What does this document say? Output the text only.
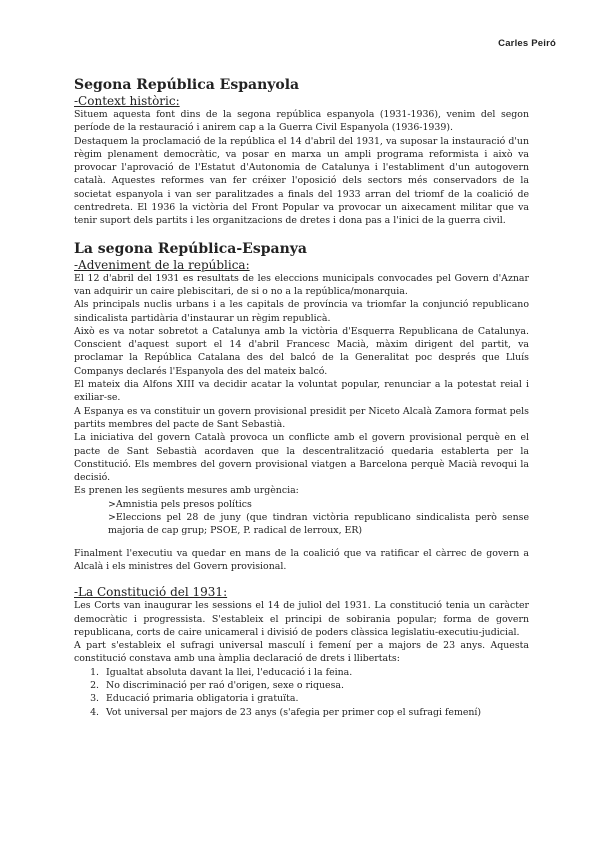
Carles Peiró
Segona República Espanyola
-Context històric:

Situem aquesta font dins de la segona república espanyola (1931-1936), venim del segon període de la restauració i anirem cap a la Guerra Civil Espanyola (1936-1939).

Destaquem la proclamació de la república el 14 d'abril del 1931, va suposar la instauració d'un règim plenament democràtic, va posar en marxa un ampli programa reformista i això va provocar l'aprovació de l'Estatut d'Autonomia de Catalunya i l'establiment d'un autogovern català. Aquestes reformes van fer créixer l'oposició dels sectors més conservadors de la societat espanyola i van ser paralitzades a finals del 1933 arran del triomf de la coalició de centredreta. El 1936 la victòria del Front Popular va provocar un aixecament militar que va tenir suport dels partits i les organitzacions de dretes i dona pas a l'inici de la guerra civil.

La segona República-Espanya
-Adveniment de la república:

El 12 d'abril del 1931 es resultats de les eleccions municipals convocades pel Govern d'Aznar van adquirir un caire plebiscitari, de si o no a la república/monarquia.

Als principals nuclis urbans i a les capitals de província va triomfar la conjunció republicano sindicalista partidària d'instaurar un règim republicà.

Això es va notar sobretot a Catalunya amb la victòria d'Esquerra Republicana de Catalunya. Conscient d'aquest suport el 14 d'abril Francesc Macià, màxim dirigent del partit, va proclamar la República Catalana des del balcó de la Generalitat poc després que Lluís Companys declarés l'Espanyola des del mateix balcó.

El mateix dia Alfons XIII va decidir acatar la voluntat popular, renunciar a la potestat reial i exiliar-se.

A Espanya es va constituir un govern provisional presidit per Niceto Alcalà Zamora format pels partits membres del pacte de Sant Sebastià.

La iniciativa del govern Català provoca un conflicte amb el govern provisional perquè en el pacte de Sant Sebastià acordaven que la descentralització quedaria establerta per la Constitució. Els membres del govern provisional viatgen a Barcelona perquè Macià revoqui la decisió.

Es prenen les següents mesures amb urgència:

>Amnistia pels presos polítics

>Eleccions pel 28 de juny (que tindran victòria republicano sindicalista però sense majoria de cap grup; PSOE, P. radical de lerroux, ER)

Finalment l'executiu va quedar en mans de la coalició que va ratificar el càrrec de govern a Alcalà i els ministres del Govern provisional.

-La Constitució del 1931:

Les Corts van inaugurar les sessions el 14 de juliol del 1931. La constitució tenia un caràcter democràtic i progressista. S'estableix el principi de sobirania popular; forma de govern republicana, corts de caire unicameral i divisió de poders clàssica legislatiu-executiu-judicial.

A part s'estableix el sufragi universal masculí i femení per a majors de 23 anys. Aquesta constitució constava amb una àmplia declaració de drets i llibertats:

1. Igualtat absoluta davant la llei, l'educació i la feina.
2. No discriminació per raó d'origen, sexe o riquesa.
3. Educació primaria obligatoria i gratuïta.
4. Vot universal per majors de 23 anys (s'afegia per primer cop el sufragi femení)
